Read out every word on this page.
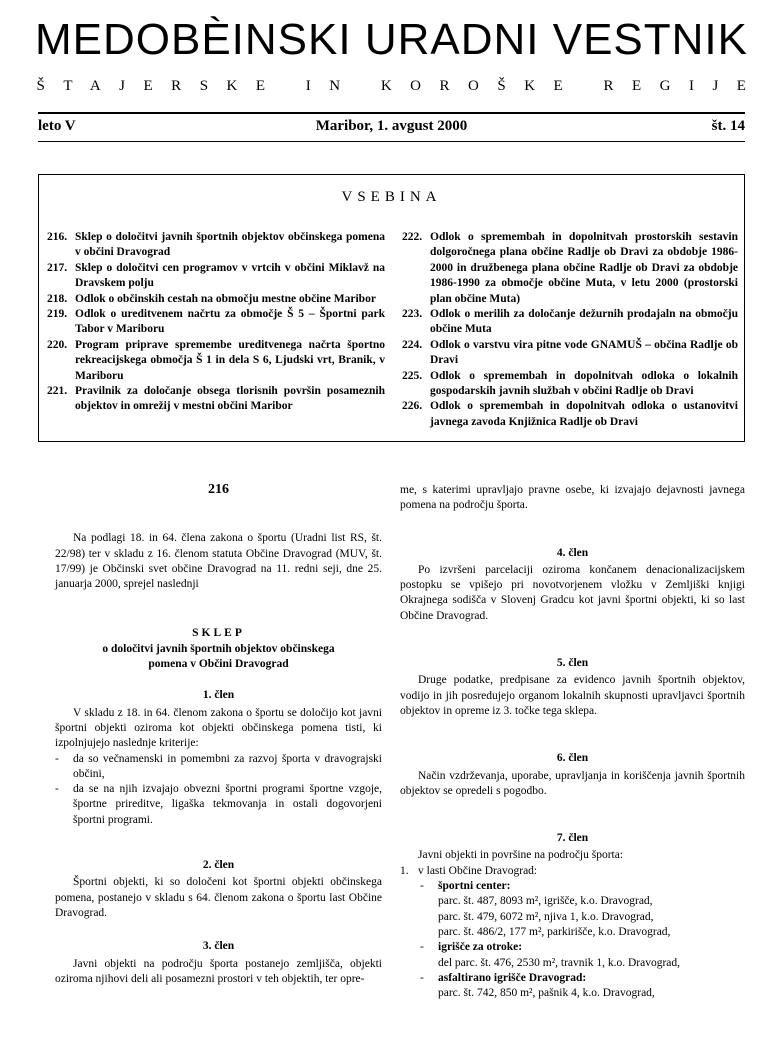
MEDOBÈINSKI URADNI VESTNIK
ŠTAJERSKE IN KOROŠKE REGIJE
leto V	Maribor, 1. avgust 2000	št. 14
VSEBINA
216. Sklep o določitvi javnih športnih objektov občinskega pomena v občini Dravograd
217. Sklep o določitvi cen programov v vrtcih v občini Miklavž na Dravskem polju
218. Odlok o občinskih cestah na območju mestne občine Maribor
219. Odlok o ureditvenem načrtu za območje Š 5 – Športni park Tabor v Mariboru
220. Program priprave spremembe ureditvenega načrta športno rekreacijskega območja Š 1 in dela S 6, Ljudski vrt, Branik, v Mariboru
221. Pravilnik za določanje obsega tlorisnih površin posameznih objektov in omrežij v mestni občini Maribor
222. Odlok o spremembah in dopolnitvah prostorskih sestavin dolgoročnega plana občine Radlje ob Dravi za obdobje 1986-2000 in družbenega plana občine Radlje ob Dravi za obdobje 1986-1990 za območje občine Muta, v letu 2000 (prostorski plan občine Muta)
223. Odlok o merilih za določanje dežurnih prodajaln na območju občine Muta
224. Odlok o varstvu vira pitne vode GNAMUŠ – občina Radlje ob Dravi
225. Odlok o spremembah in dopolnitvah odloka o lokalnih gospodarskih javnih službah v občini Radlje ob Dravi
226. Odlok o spremembah in dopolnitvah odloka o ustanovitvi javnega zavoda Knjižnica Radlje ob Dravi
216

Na podlagi 18. in 64. člena zakona o športu (Uradni list RS, št. 22/98) ter v skladu z 16. členom statuta Občine Dravograd (MUV, št. 17/99) je Občinski svet občine Dravograd na 11. redni seji, dne 25. januarja 2000, sprejel naslednji

SKLEP
o določitvi javnih športnih objektov občinskega
pomena v Občini Dravograd
1. člen

V skladu z 18. in 64. členom zakona o športu se določijo kot javni športni objekti oziroma kot objekti občinskega pomena tisti, ki izpolnjujejo naslednje kriterije:

-	da so večnamenski in pomembni za razvoj športa v dravograjski občini,
-	da se na njih izvajajo obvezni športni programi športne vzgoje, športne prireditve, ligaška tekmovanja in ostali dogovorjeni športni programi.
2. člen

Športni objekti, ki so določeni kot športni objekti občinskega pomena, postanejo v skladu s 64. členom zakona o športu last Občine Dravograd.

3. člen

Javni objekti na področju športa postanejo zemljišča, objekti oziroma njihovi deli ali posamezni prostori v teh objektih, ter opre-

me, s katerimi upravljajo pravne osebe, ki izvajajo dejavnosti javnega pomena na področju športa.

4. člen

Po izvršeni parcelaciji oziroma končanem denacionalizacijskem postopku se vpišejo pri novotvorjenem vložku v Zemljiški knjigi Okrajnega sodišča v Slovenj Gradcu kot javni športni objekti, ki so last Občine Dravograd.

5. člen

Druge podatke, predpisane za evidenco javnih športnih objektov, vodijo in jih posredujejo organom lokalnih skupnosti upravljavci športnih objektov in opreme iz 3. točke tega sklepa.

6. člen

Način vzdrževanja, uporabe, upravljanja in koriščenja javnih športnih objektov se opredeli s pogodbo.

7. člen

Javni objekti in površine na področju športa:

1. v lasti Občine Dravograd:
-	športni center:
parc. št. 487, 8093 m², igrišče, k.o. Dravograd,
parc. št. 479, 6072 m², njiva 1, k.o. Dravograd,
parc. št. 486/2, 177 m², parkirišče, k.o. Dravograd,
-	igrišče za otroke:
del parc. št. 476, 2530 m², travnik 1, k.o. Dravograd,
-	asfaltirano igrišče Dravograd:
parc. št. 742, 850 m², pašnik 4, k.o. Dravograd,
